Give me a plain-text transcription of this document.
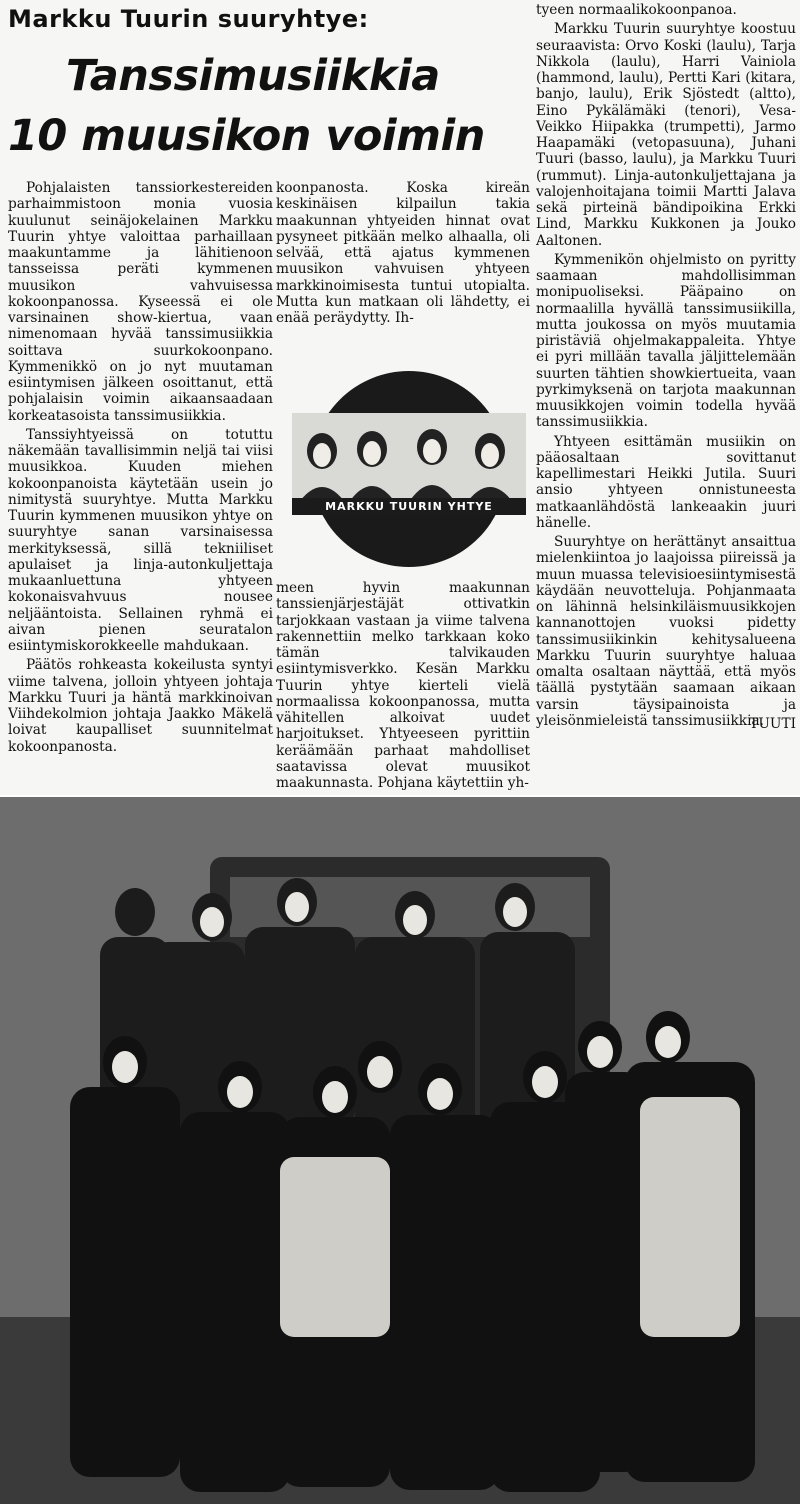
Markku Tuurin suuryhtye:
Tanssimusiikkia
10 muusikon voimin

Pohjalaisten tanssiorkestereiden parhaimmistoon monia vuosia kuulunut seinäjokelainen Markku Tuurin yhtye valoittaa parhaillaan maakuntamme ja lähitienoon tansseissa peräti kymmenen muusikon vahvuisessa kokoonpanossa. Kyseessä ei ole varsinainen show-kiertua, vaan nimenomaan hyvää tanssimusiikkia soittava suurkokoonpano. Kymmenikkö on jo nyt muutaman esiintymisen jälkeen osoittanut, että pohjalaisin voimin aikaansaadaan korkeatasoista tanssimusiikkia.

Tanssiyhtyeissä on totuttu näkemään tavallisimmin neljä tai viisi muusikkoa. Kuuden miehen kokoonpanoista käytetään usein jo nimitystä suuryhtye. Mutta Markku Tuurin kymmenen muusikon yhtye on suuryhtye sanan varsinaisessa merkityksessä, sillä tekniiliset apulaiset ja linja-autonkuljettaja mukaanluettuna yhtyeen kokonaisvahvuus nousee neljääntoista. Sellainen ryhmä ei aivan pienen seuratalon esiintymiskorokkeelle mahdukaan.

Päätös rohkeasta kokeilusta syntyi viime talvena, jolloin yhtyeen johtaja Markku Tuuri ja häntä markkinoivan Viihdekolmion johtaja Jaakko Mäkelä loivat kaupalliset suunnitelmat kokoonpanosta.

koonpanosta. Koska kireän keskinäisen kilpailun takia maakunnan yhtyeiden hinnat ovat pysyneet pitkään melko alhaalla, oli selvää, että ajatus kymmenen muusikon vahvuisen yhtyeen markkinoimisesta tuntui utopialta. Mutta kun matkaan oli lähdetty, ei enää peräydytty. Ih-

MARKKU TUURIN YHTYE

meen hyvin maakunnan tanssienjärjestäjät ottivatkin tarjokkaan vastaan ja viime talvena rakennettiin melko tarkkaan koko tämän talvikauden esiintymisverkko. Kesän Markku Tuurin yhtye kierteli vielä normaalissa kokoonpanossa, mutta vähitellen alkoivat uudet harjoitukset. Yhtyeeseen pyrittiin keräämään parhaat mahdolliset saatavissa olevat muusikot maakunnasta. Pohjana käytettiin yh-

tyeen normaalikokoonpanoa.

Markku Tuurin suuryhtye koostuu seuraavista: Orvo Koski (laulu), Tarja Nikkola (laulu), Harri Vainiola (hammond, laulu), Pertti Kari (kitara, banjo, laulu), Erik Sjöstedt (altto), Eino Pykälämäki (tenori), Vesa-Veikko Hiipakka (trumpetti), Jarmo Haapamäki (vetopasuuna), Juhani Tuuri (basso, laulu), ja Markku Tuuri (rummut). Linja-autonkuljettajana ja valojenhoitajana toimii Martti Jalava sekä pirteinä bändipoikina Erkki Lind, Markku Kukkonen ja Jouko Aaltonen.

Kymmenikön ohjelmisto on pyritty saamaan mahdollisimman monipuoliseksi. Pääpaino on normaalilla hyvällä tanssimusiikilla, mutta joukossa on myös muutamia piristäviä ohjelmakappaleita. Yhtye ei pyri millään tavalla jäljittelemään suurten tähtien showkiertueita, vaan pyrkimyksenä on tarjota maakunnan muusikkojen voimin todella hyvää tanssimusiikkia.

Yhtyeen esittämän musiikin on pääosaltaan sovittanut kapellimestari Heikki Jutila. Suuri ansio yhtyeen onnistuneesta matkaanlähdöstä lankeaakin juuri hänelle.

Suuryhtye on herättänyt ansaittua mielenkiintoa jo laajoissa piireissä ja muun muassa televisioesiintymisestä käydään neuvotteluja. Pohjanmaata on lähinnä helsinkiläismuusikkojen kannanottojen vuoksi pidetty tanssimusiikinkin kehitysalueena Markku Tuurin suuryhtye haluaa omalta osaltaan näyttää, että myös täällä pystytään saamaan aikaan varsin täysipainoista ja yleisönmieleistä tanssimusiikkia.

TUUTI
